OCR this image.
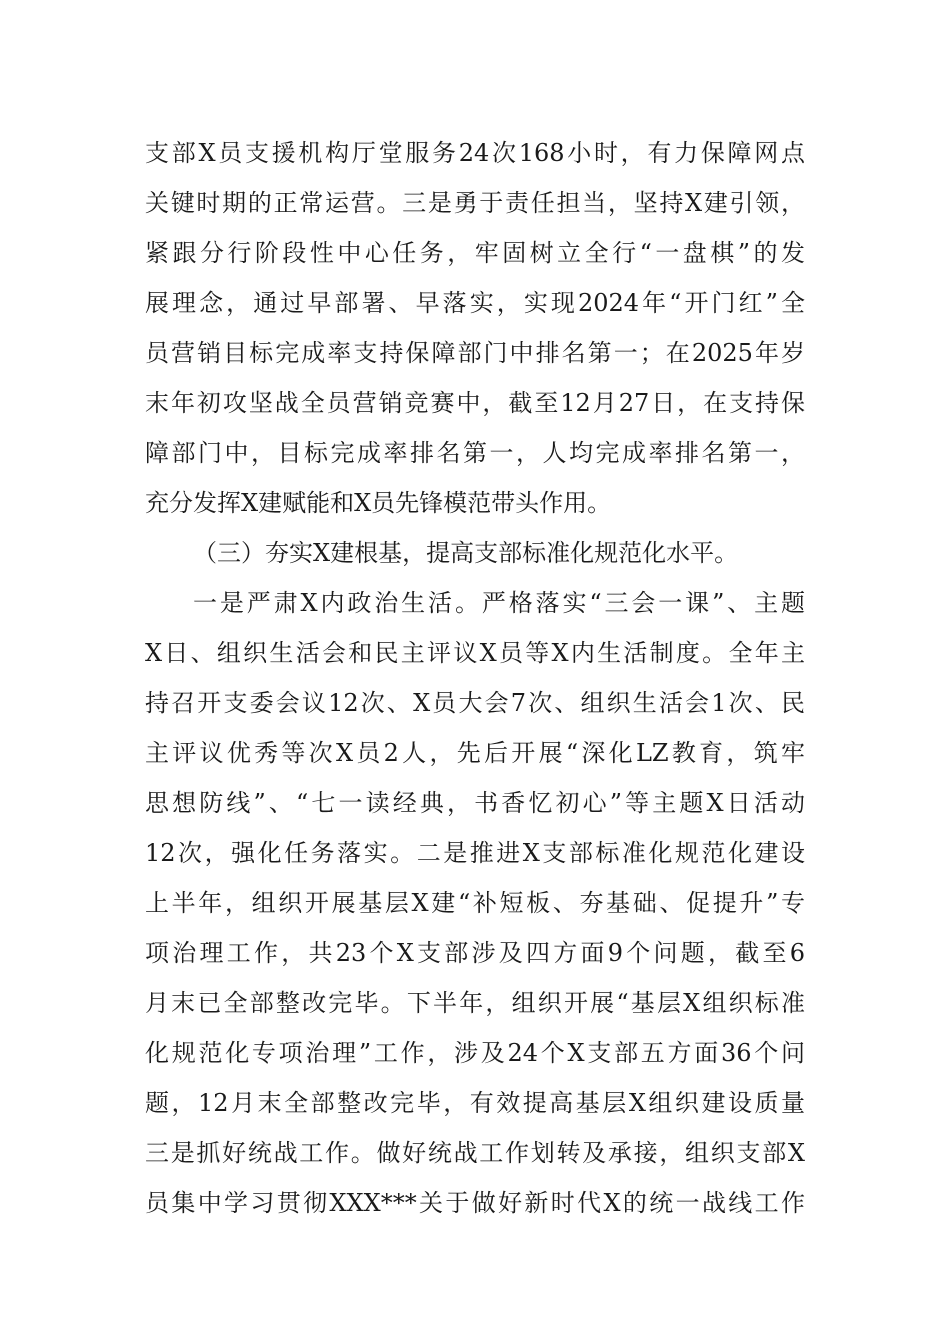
支部X员支援机构厅堂服务24次168小时，有力保障网点
关键时期的正常运营。三是勇于责任担当，坚持X建引领，
紧跟分行阶段性中心任务，牢固树立全行“一盘棋”的发
展理念，通过早部署、早落实，实现2024年“开门红”全
员营销目标完成率支持保障部门中排名第一；在2025年岁
末年初攻坚战全员营销竞赛中，截至12月27日，在支持保
障部门中，目标完成率排名第一，人均完成率排名第一，
充分发挥X建赋能和X员先锋模范带头作用。
（三）夯实X建根基，提高支部标准化规范化水平。
一是严肃X内政治生活。严格落实“三会一课”、主题
X日、组织生活会和民主评议X员等X内生活制度。全年主
持召开支委会议12次、X员大会7次、组织生活会1次、民
主评议优秀等次X员2人，先后开展“深化LZ教育，筑牢
思想防线”、“七一读经典，书香忆初心”等主题X日活动
12次，强化任务落实。二是推进X支部标准化规范化建设
上半年，组织开展基层X建“补短板、夯基础、促提升”专
项治理工作，共23个X支部涉及四方面9个问题，截至6
月末已全部整改完毕。下半年，组织开展“基层X组织标准
化规范化专项治理”工作，涉及24个X支部五方面36个问
题，12月末全部整改完毕，有效提高基层X组织建设质量
三是抓好统战工作。做好统战工作划转及承接，组织支部X
员集中学习贯彻XXX***关于做好新时代X的统一战线工作
